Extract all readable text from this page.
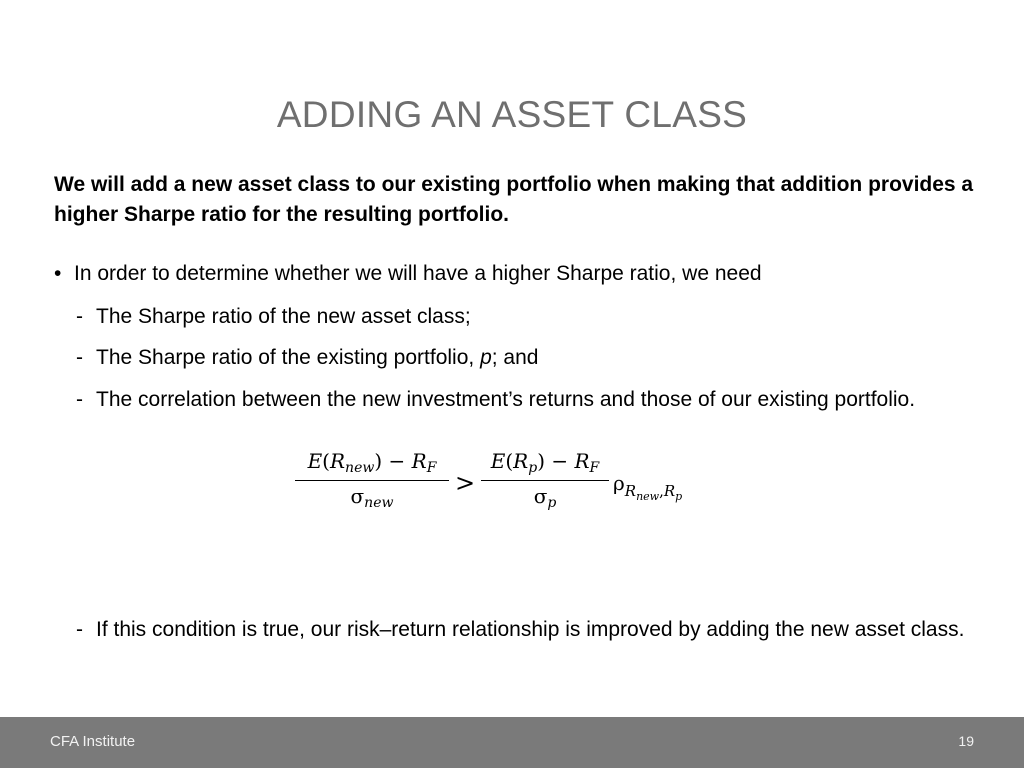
ADDING AN ASSET CLASS
We will add a new asset class to our existing portfolio when making that addition provides a higher Sharpe ratio for the resulting portfolio.
• In order to determine whether we will have a higher Sharpe ratio, we need
- The Sharpe ratio of the new asset class;
- The Sharpe ratio of the existing portfolio, p; and
- The correlation between the new investment’s returns and those of our existing portfolio.
$E(R_{new}) - R_F$
$\sigma_{new}$
>
$E(R_p) - R_F$
$\sigma_p$
$\rho_{R_{new},R_p}$
- If this condition is true, our risk–return relationship is improved by adding the new asset class.
CFA Institute	19
